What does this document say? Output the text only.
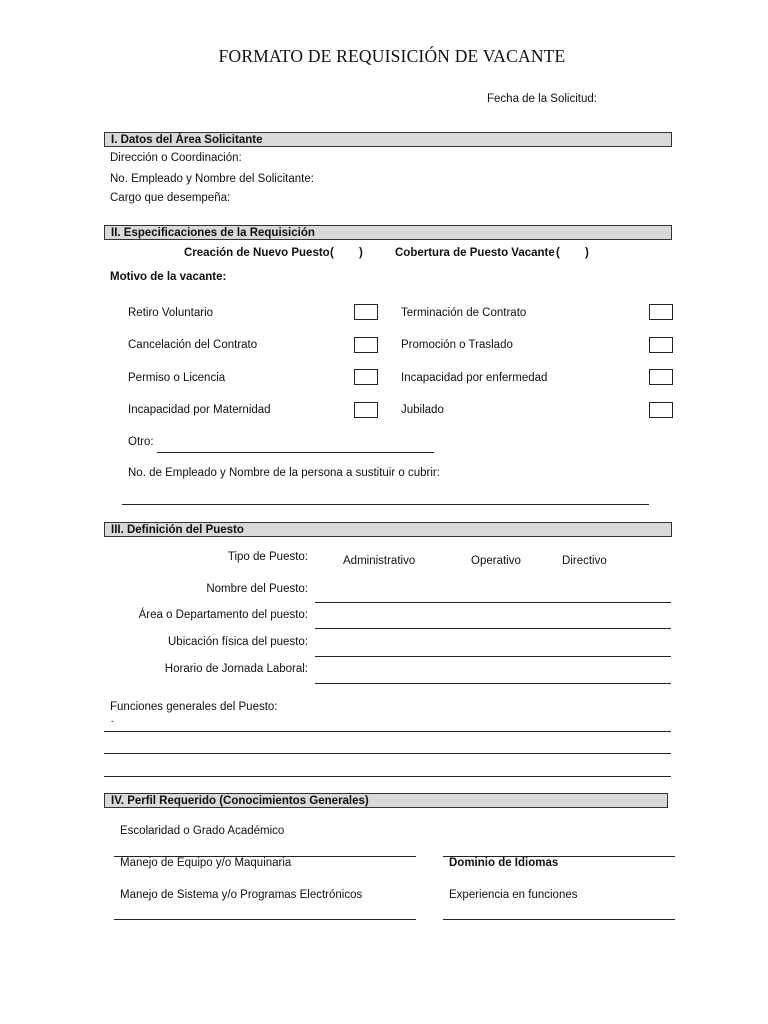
FORMATO DE REQUISICIÓN DE VACANTE
Fecha de la Solicitud:
I. Datos del Área Solicitante
Dirección o Coordinación:
No. Empleado y Nombre del Solicitante:
Cargo que desempeña:
II. Especificaciones de la Requisición
Creación de Nuevo Puesto ( )	Cobertura de Puesto Vacante ( )
Motivo de la vacante:
Retiro Voluntario	Terminación de Contrato
Cancelación del Contrato	Promoción o Traslado
Permiso o Licencia	Incapacidad por enfermedad
Incapacidad por Maternidad	Jubilado
Otro:
No. de Empleado y Nombre de la persona a sustituir o cubrir:
III. Definición del Puesto
Tipo de Puesto:	Administrativo	Operativo	Directivo
Nombre del Puesto:
Área o Departamento del puesto:
Ubicación física del puesto:
Horario de Jornada Laboral:
Funciones generales del Puesto:
-
IV. Perfil Requerido (Conocimientos Generales)
Escolaridad o Grado Académico
Manejo de Equipo y/o Maquinaria	Dominio de Idiomas
Manejo de Sistema y/o Programas Electrónicos	Experiencia en funciones
